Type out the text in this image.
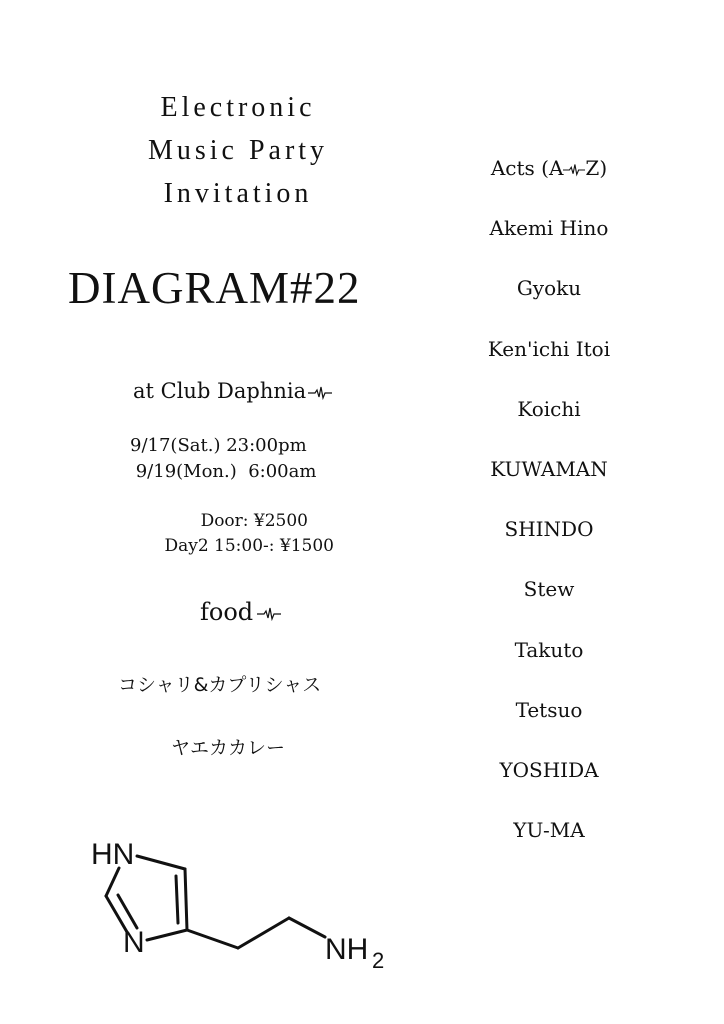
Electronic
Music Party
Invitation
DIAGRAM#22
at Club Daphnia
9/17(Sat.) 23:00pm
9/19(Mon.)  6:00am
Door: ¥2500
Day2 15:00-: ¥1500
food
コシャリ&カプリシャス
ヤエカカレー
Acts (A Z)
Akemi Hino
Gyoku
Ken'ichi Itoi
Koichi
KUWAMAN
SHINDO
Stew
Takuto
Tetsuo
YOSHIDA
YU-MA
HN
N	NH 2
